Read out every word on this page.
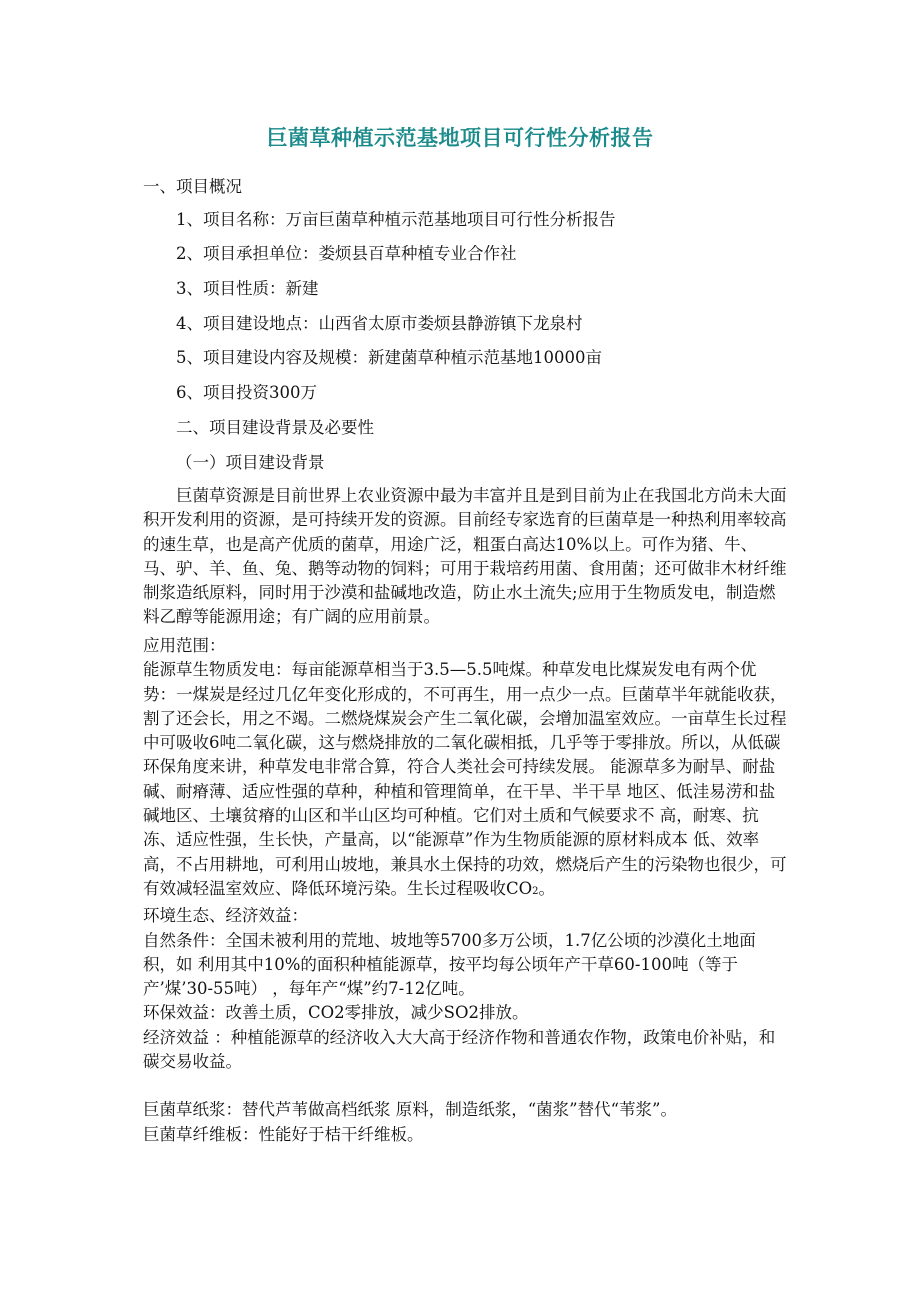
巨菌草种植示范基地项目可行性分析报告
一、项目概况
1、项目名称：万亩巨菌草种植示范基地项目可行性分析报告
2、项目承担单位：娄烦县百草种植专业合作社
3、项目性质：新建
4、项目建设地点：山西省太原市娄烦县静游镇下龙泉村
5、项目建设内容及规模：新建菌草种植示范基地10000亩
6、项目投资300万
二、项目建设背景及必要性
（一）项目建设背景

巨菌草资源是目前世界上农业资源中最为丰富并且是到目前为止在我国北方尚未大面积开发利用的资源，是可持续开发的资源。目前经专家选育的巨菌草是一种热利用率较高的速生草，也是高产优质的菌草，用途广泛，粗蛋白高达10%以上。可作为猪、牛、马、驴、羊、鱼、兔、鹅等动物的饲料；可用于栽培药用菌、食用菌；还可做非木材纤维制浆造纸原料，同时用于沙漠和盐碱地改造，防止水土流失;应用于生物质发电，制造燃料乙醇等能源用途；有广阔的应用前景。

应用范围：

能源草生物质发电：每亩能源草相当于3.5—5.5吨煤。种草发电比煤炭发电有两个优势：一煤炭是经过几亿年变化形成的，不可再生，用一点少一点。巨菌草半年就能收获，割了还会长，用之不竭。二燃烧煤炭会产生二氧化碳，会增加温室效应。一亩草生长过程中可吸收6吨二氧化碳，这与燃烧排放的二氧化碳相抵，几乎等于零排放。所以，从低碳环保角度来讲，种草发电非常合算，符合人类社会可持续发展。 能源草多为耐旱、耐盐碱、耐瘠薄、适应性强的草种，种植和管理简单，在干旱、半干旱 地区、低洼易涝和盐碱地区、土壤贫瘠的山区和半山区均可种植。它们对土质和气候要求不 高，耐寒、抗冻、适应性强，生长快，产量高，以“能源草”作为生物质能源的原材料成本 低、效率高，不占用耕地，可利用山坡地，兼具水土保持的功效，燃烧后产生的污染物也很少，可有效减轻温室效应、降低环境污染。生长过程吸收CO2。

环境生态、经济效益：

自然条件：全国未被利用的荒地、坡地等5700多万公顷，1.7亿公顷的沙漠化土地面积，如 利用其中10%的面积种植能源草，按平均每公顷年产干草60-100吨（等于产’煤’30-55吨） ，每年产“煤”约7-12亿吨。

环保效益：改善土质，CO2零排放，减少SO2排放。

经济效益 ：种植能源草的经济收入大大高于经济作物和普通农作物，政策电价补贴，和碳交易收益。

巨菌草纸浆：替代芦苇做高档纸浆 原料，制造纸浆，“菌浆”替代“苇浆”。

巨菌草纤维板：性能好于桔干纤维板。
